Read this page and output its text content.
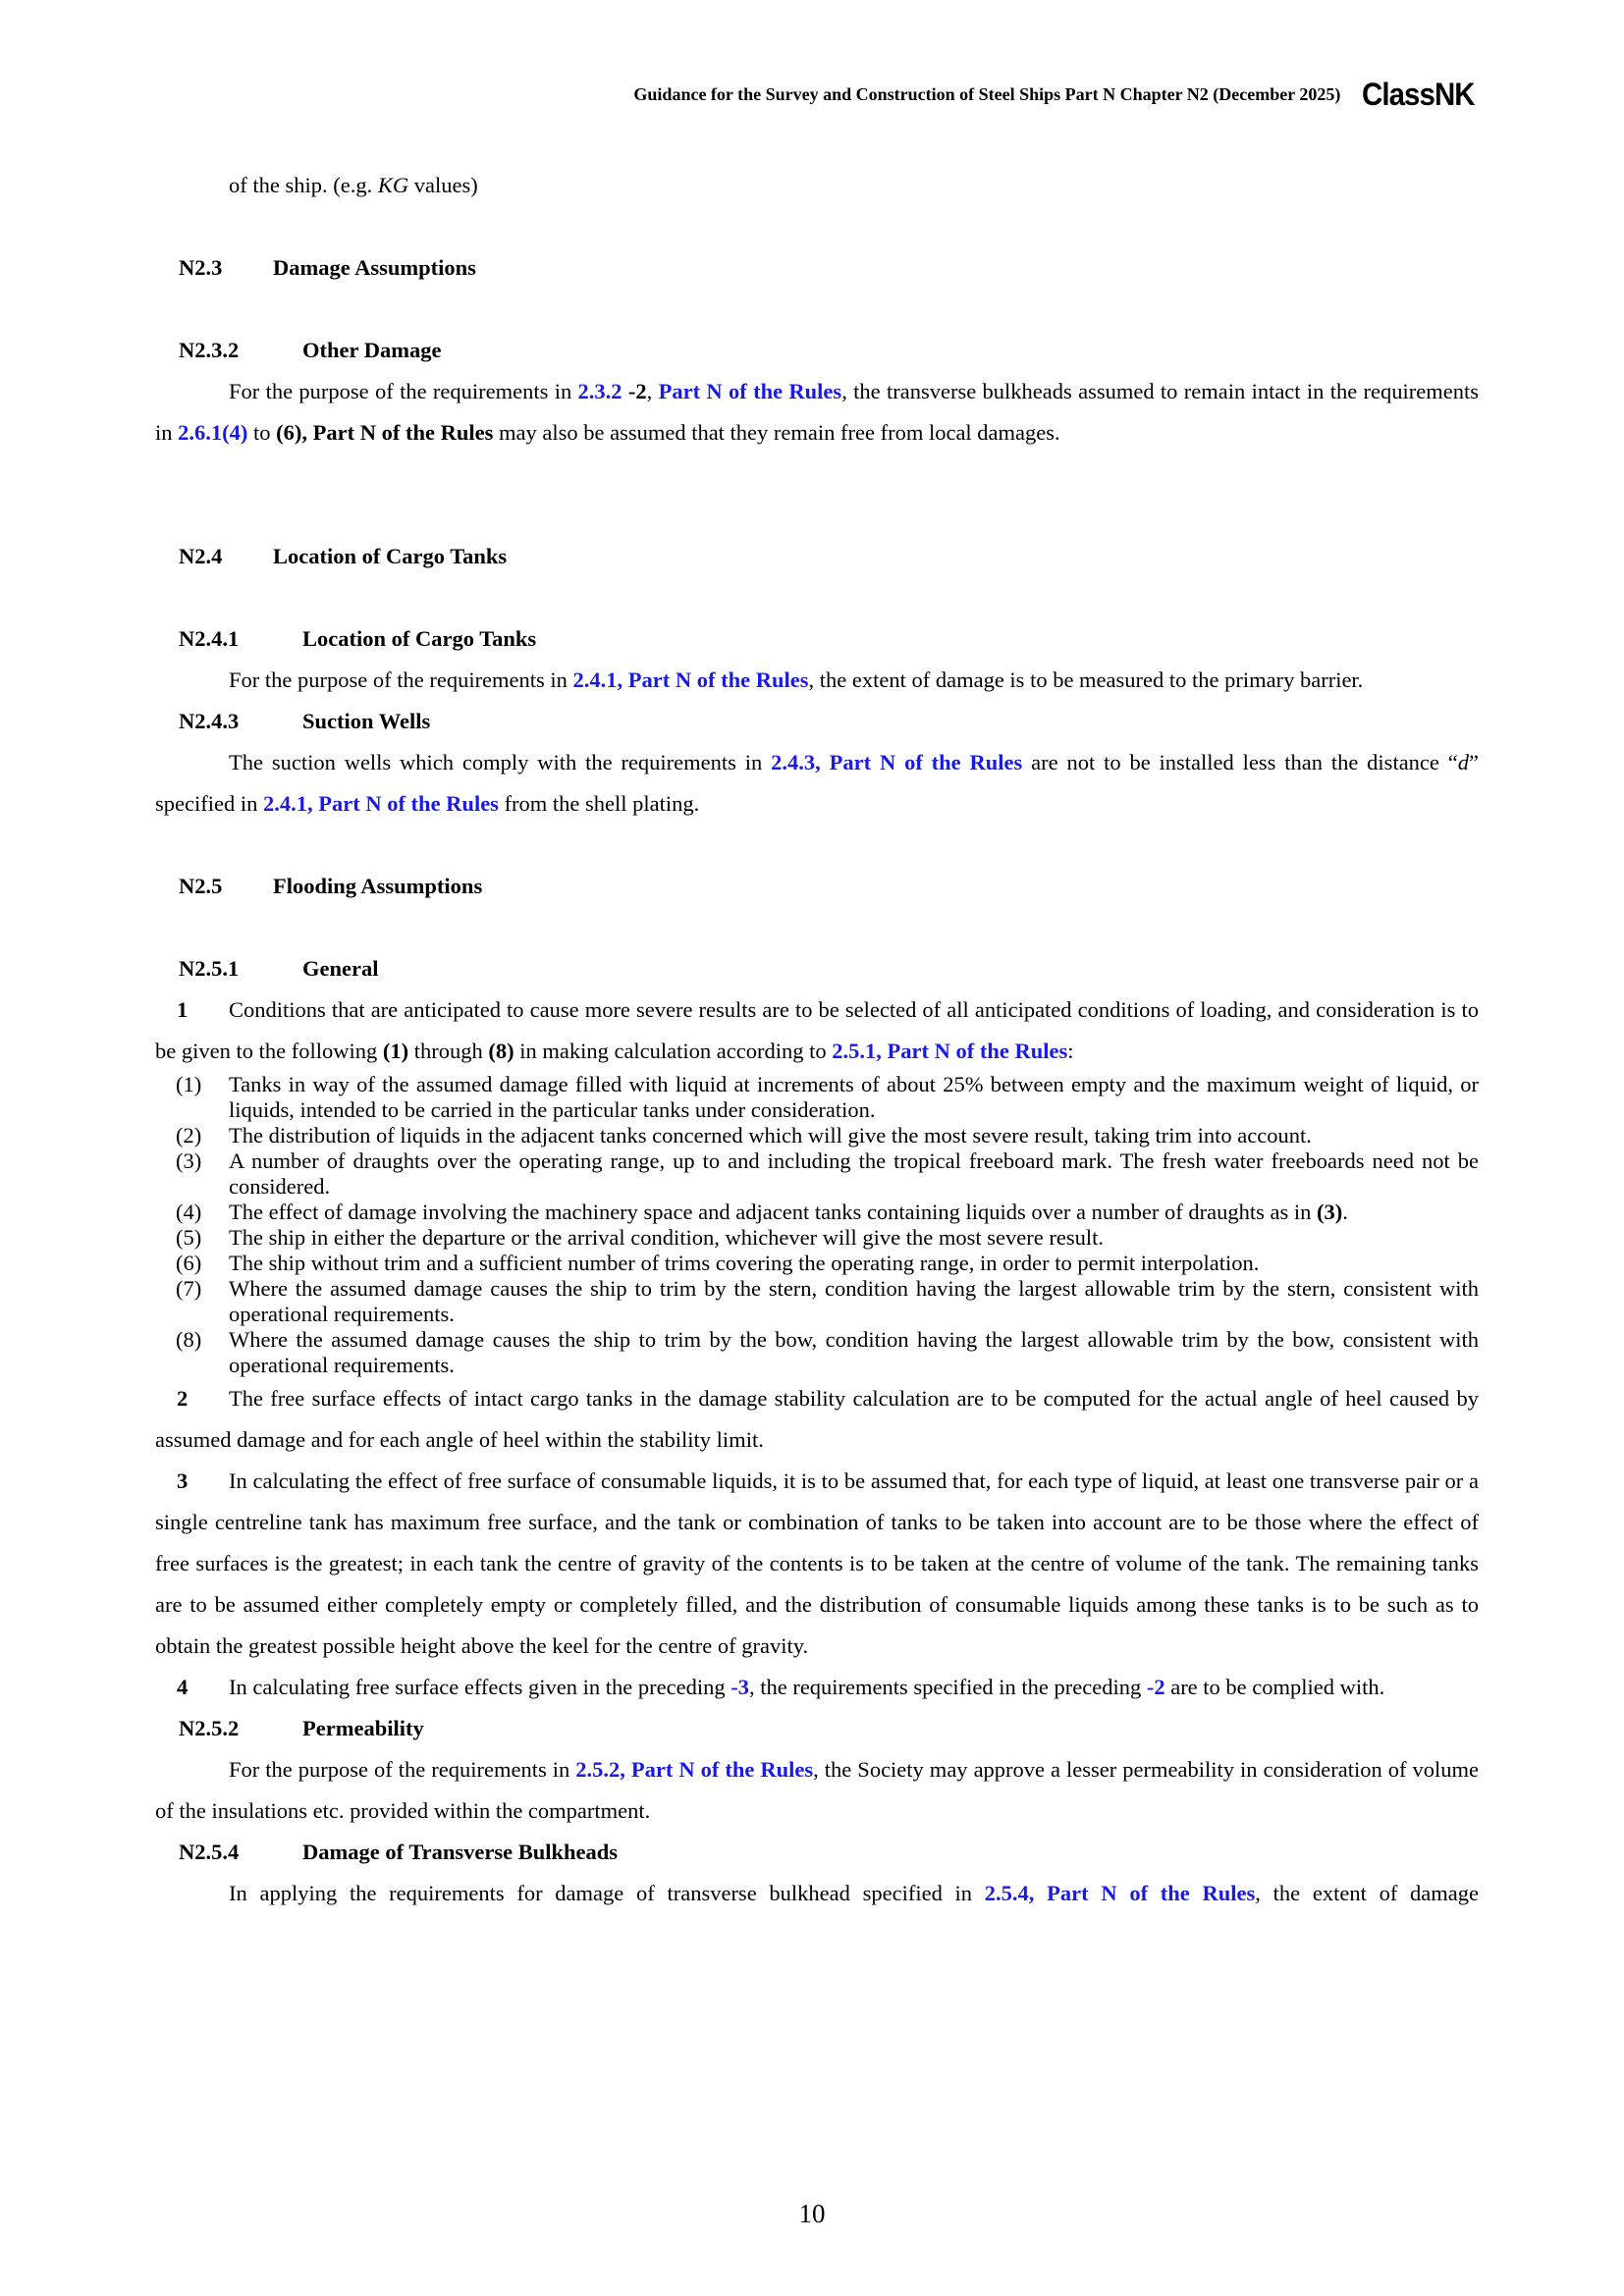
Guidance for the Survey and Construction of Steel Ships Part N Chapter N2 (December 2025) ClassNK

of the ship. (e.g. KG values)

N2.3	Damage Assumptions
N2.3.2	Other Damage

For the purpose of the requirements in 2.3.2 -2, Part N of the Rules, the transverse bulkheads assumed to remain intact in the requirements in 2.6.1(4) to (6), Part N of the Rules may also be assumed that they remain free from local damages.

N2.4	Location of Cargo Tanks
N2.4.1	Location of Cargo Tanks

For the purpose of the requirements in 2.4.1, Part N of the Rules, the extent of damage is to be measured to the primary barrier.

N2.4.3	Suction Wells

The suction wells which comply with the requirements in 2.4.3, Part N of the Rules are not to be installed less than the distance “d” specified in 2.4.1, Part N of the Rules from the shell plating.

N2.5	Flooding Assumptions
N2.5.1	General

1 Conditions that are anticipated to cause more severe results are to be selected of all anticipated conditions of loading, and consideration is to be given to the following (1) through (8) in making calculation according to 2.5.1, Part N of the Rules:

(1)	Tanks in way of the assumed damage filled with liquid at increments of about 25% between empty and the maximum weight of liquid, or liquids, intended to be carried in the particular tanks under consideration.
(2)	The distribution of liquids in the adjacent tanks concerned which will give the most severe result, taking trim into account.
(3)	A number of draughts over the operating range, up to and including the tropical freeboard mark. The fresh water freeboards need not be considered.
(4)	The effect of damage involving the machinery space and adjacent tanks containing liquids over a number of draughts as in (3).
(5)	The ship in either the departure or the arrival condition, whichever will give the most severe result.
(6)	The ship without trim and a sufficient number of trims covering the operating range, in order to permit interpolation.
(7)	Where the assumed damage causes the ship to trim by the stern, condition having the largest allowable trim by the stern, consistent with operational requirements.
(8)	Where the assumed damage causes the ship to trim by the bow, condition having the largest allowable trim by the bow, consistent with operational requirements.

2 The free surface effects of intact cargo tanks in the damage stability calculation are to be computed for the actual angle of heel caused by assumed damage and for each angle of heel within the stability limit.

3 In calculating the effect of free surface of consumable liquids, it is to be assumed that, for each type of liquid, at least one transverse pair or a single centreline tank has maximum free surface, and the tank or combination of tanks to be taken into account are to be those where the effect of free surfaces is the greatest; in each tank the centre of gravity of the contents is to be taken at the centre of volume of the tank. The remaining tanks are to be assumed either completely empty or completely filled, and the distribution of consumable liquids among these tanks is to be such as to obtain the greatest possible height above the keel for the centre of gravity.

4 In calculating free surface effects given in the preceding -3, the requirements specified in the preceding -2 are to be complied with.

N2.5.2	Permeability

For the purpose of the requirements in 2.5.2, Part N of the Rules, the Society may approve a lesser permeability in consideration of volume of the insulations etc. provided within the compartment.

N2.5.4	Damage of Transverse Bulkheads

In applying the requirements for damage of transverse bulkhead specified in 2.5.4, Part N of the Rules, the extent of damage

10
